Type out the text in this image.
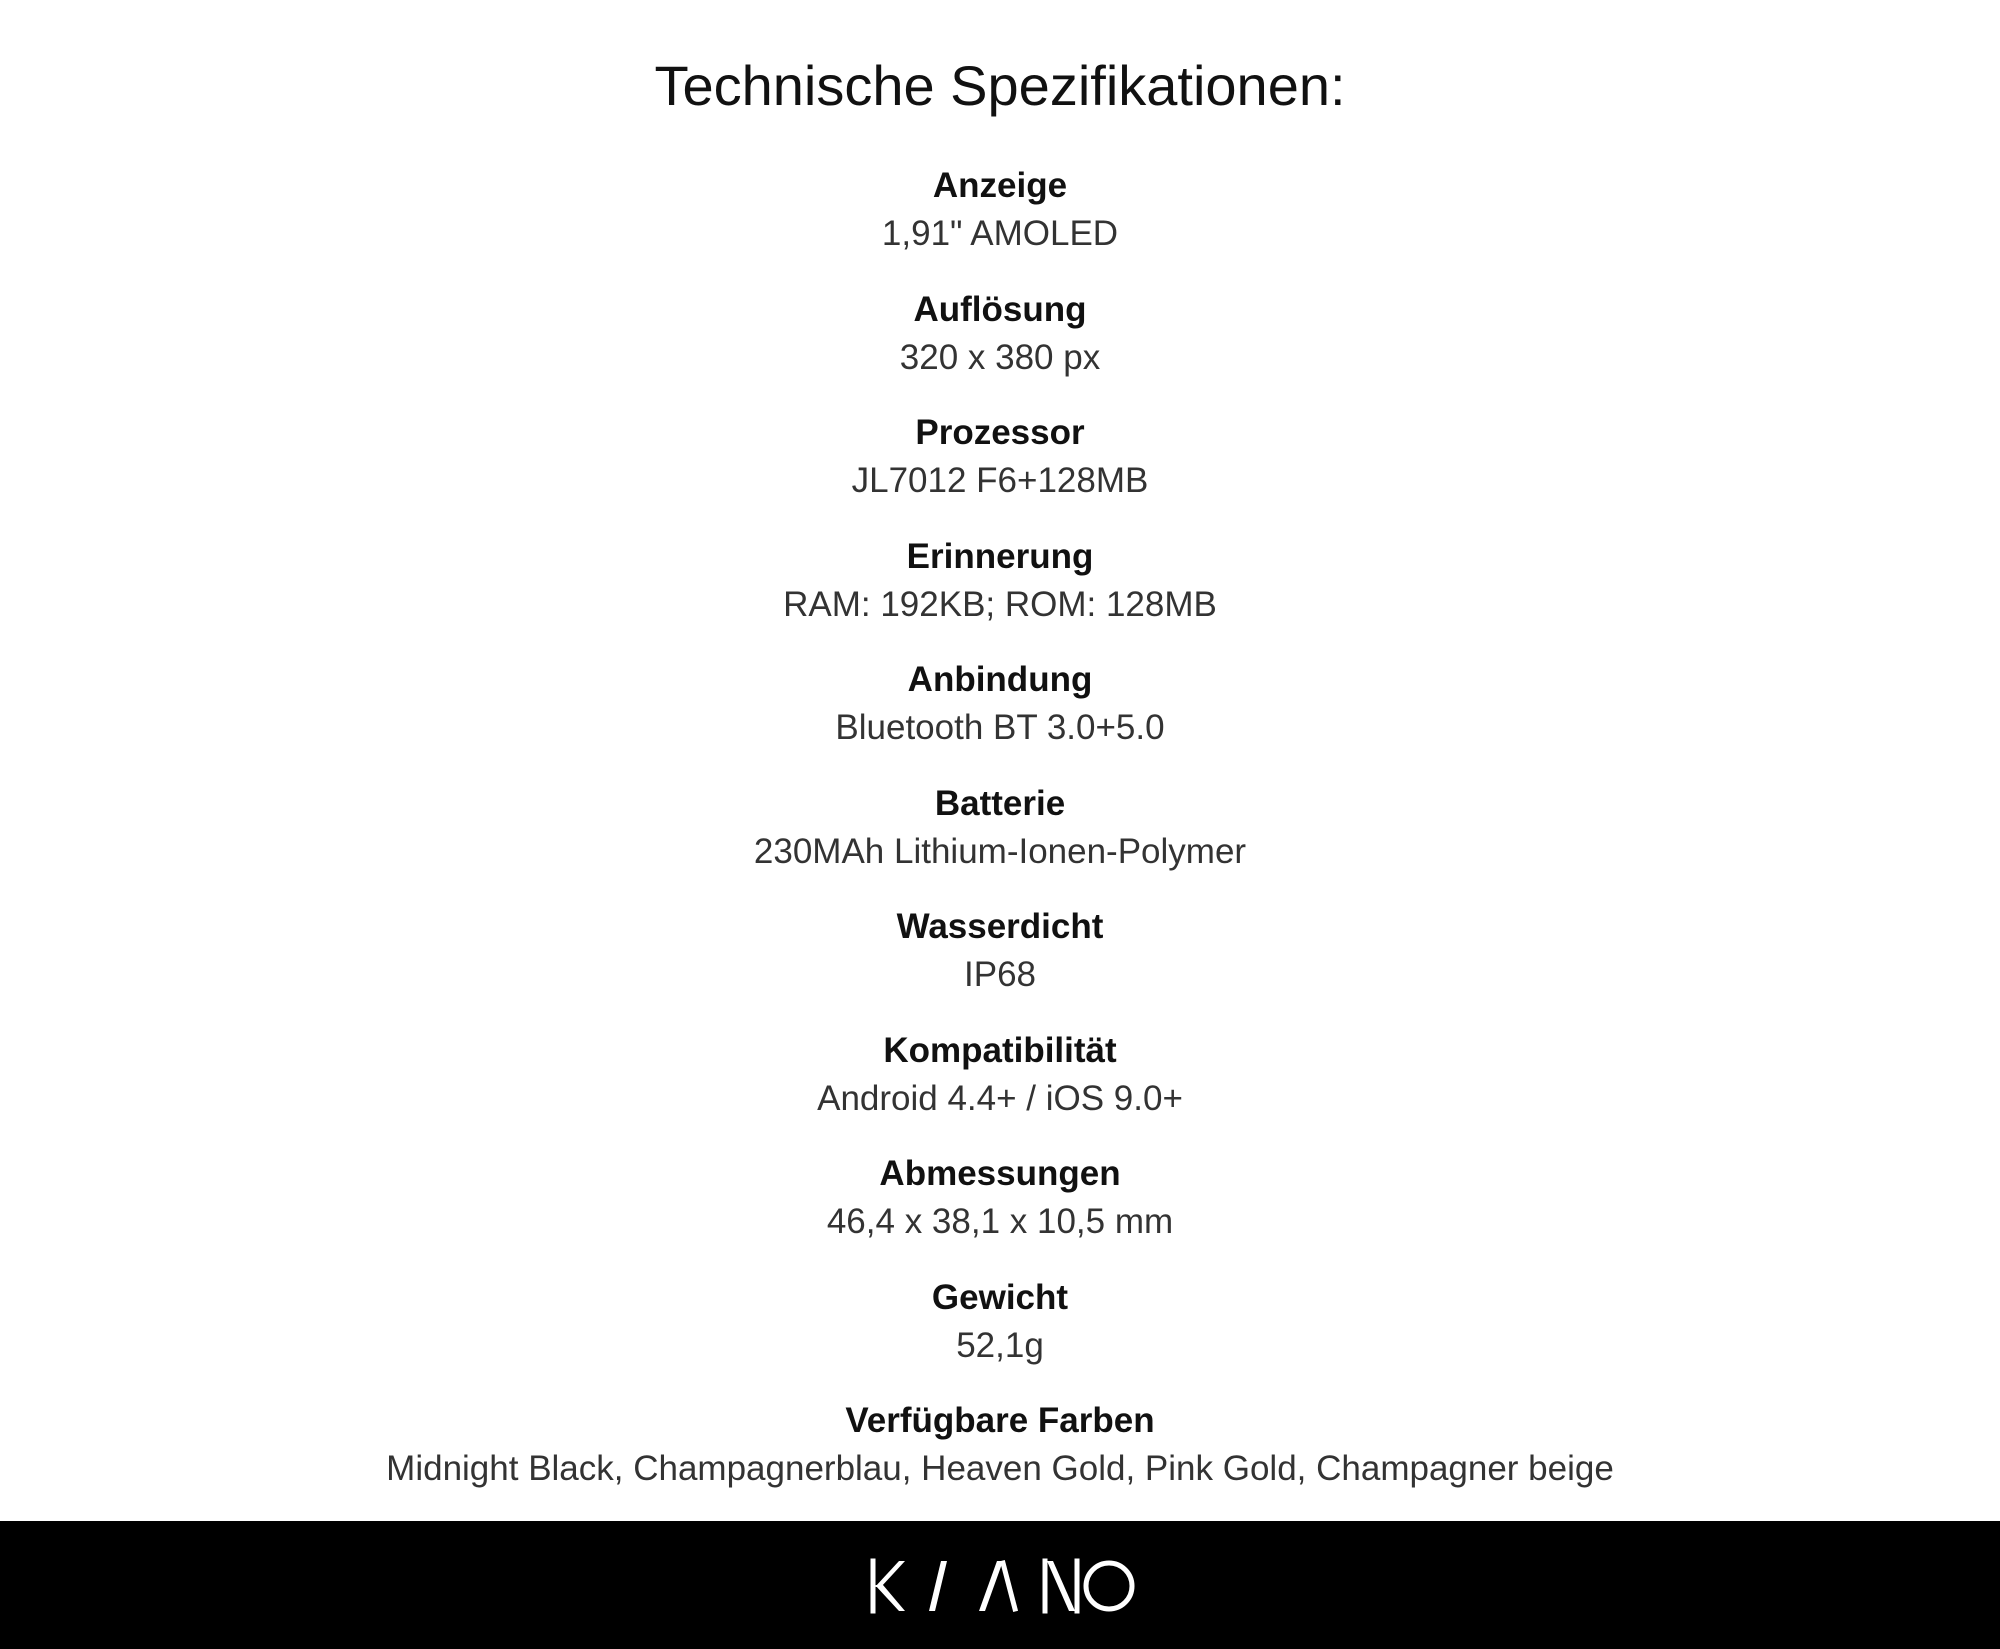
Technische Spezifikationen:
Anzeige
1,91" AMOLED
Auflösung
320 x 380 px
Prozessor
JL7012 F6+128MB
Erinnerung
RAM: 192KB; ROM: 128MB
Anbindung
Bluetooth BT 3.0+5.0
Batterie
230MAh Lithium-Ionen-Polymer
Wasserdicht
IP68
Kompatibilität
Android 4.4+ / iOS 9.0+
Abmessungen
46,4 x 38,1 x 10,5 mm
Gewicht
52,1g
Verfügbare Farben
Midnight Black, Champagnerblau, Heaven Gold, Pink Gold, Champagner beige
